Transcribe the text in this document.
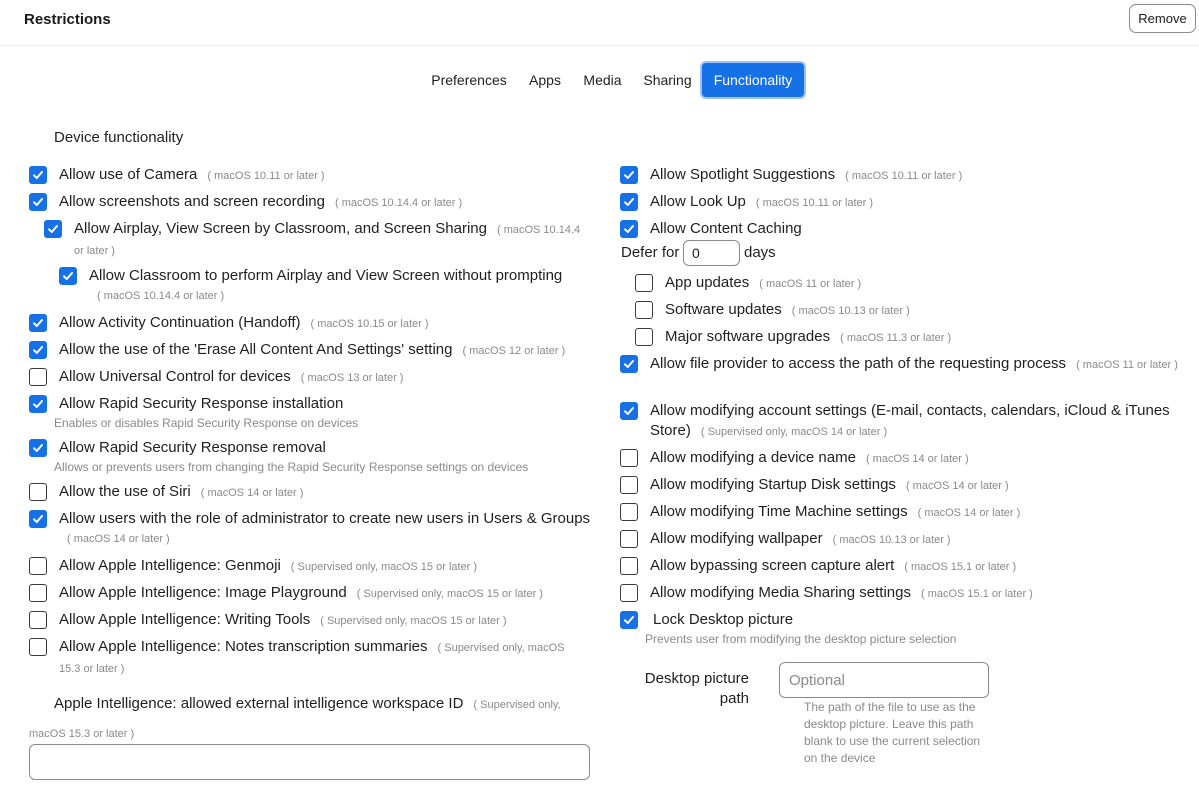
Restrictions	Remove
Preferences	Apps	Media	Sharing	Functionality
Device functionality
Allow use of Camera ( macOS 10.11 or later )
Allow screenshots and screen recording ( macOS 10.14.4 or later )
Allow Airplay, View Screen by Classroom, and Screen Sharing ( macOS 10.14.4 or later )
Allow Classroom to perform Airplay and View Screen without prompting
( macOS 10.14.4 or later )
Allow Activity Continuation (Handoff) ( macOS 10.15 or later )
Allow the use of the 'Erase All Content And Settings' setting ( macOS 12 or later )
Allow Universal Control for devices ( macOS 13 or later )
Allow Rapid Security Response installation
Enables or disables Rapid Security Response on devices
Allow Rapid Security Response removal
Allows or prevents users from changing the Rapid Security Response settings on devices
Allow the use of Siri ( macOS 14 or later )
Allow users with the role of administrator to create new users in Users & Groups
( macOS 14 or later )
Allow Apple Intelligence: Genmoji ( Supervised only, macOS 15 or later )
Allow Apple Intelligence: Image Playground ( Supervised only, macOS 15 or later )
Allow Apple Intelligence: Writing Tools ( Supervised only, macOS 15 or later )
Allow Apple Intelligence: Notes transcription summaries ( Supervised only, macOS 15.3 or later )
Apple Intelligence: allowed external intelligence workspace ID ( Supervised only,
macOS 15.3 or later )
Allow Spotlight Suggestions ( macOS 10.11 or later )
Allow Look Up ( macOS 10.11 or later )
Allow Content Caching
Defer for
0	days
App updates ( macOS 11 or later )
Software updates ( macOS 10.13 or later )
Major software upgrades ( macOS 11.3 or later )
Allow file provider to access the path of the requesting process ( macOS 11 or later )
Allow modifying account settings (E-mail, contacts, calendars, iCloud & iTunes Store) ( Supervised only, macOS 14 or later )
Allow modifying a device name ( macOS 14 or later )
Allow modifying Startup Disk settings ( macOS 14 or later )
Allow modifying Time Machine settings ( macOS 14 or later )
Allow modifying wallpaper ( macOS 10.13 or later )
Allow bypassing screen capture alert ( macOS 15.1 or later )
Allow modifying Media Sharing settings ( macOS 15.1 or later )
Lock Desktop picture
Prevents user from modifying the desktop picture selection
Desktop picture path
Optional	The path of the file to use as the desktop picture. Leave this path blank to use the current selection on the device
